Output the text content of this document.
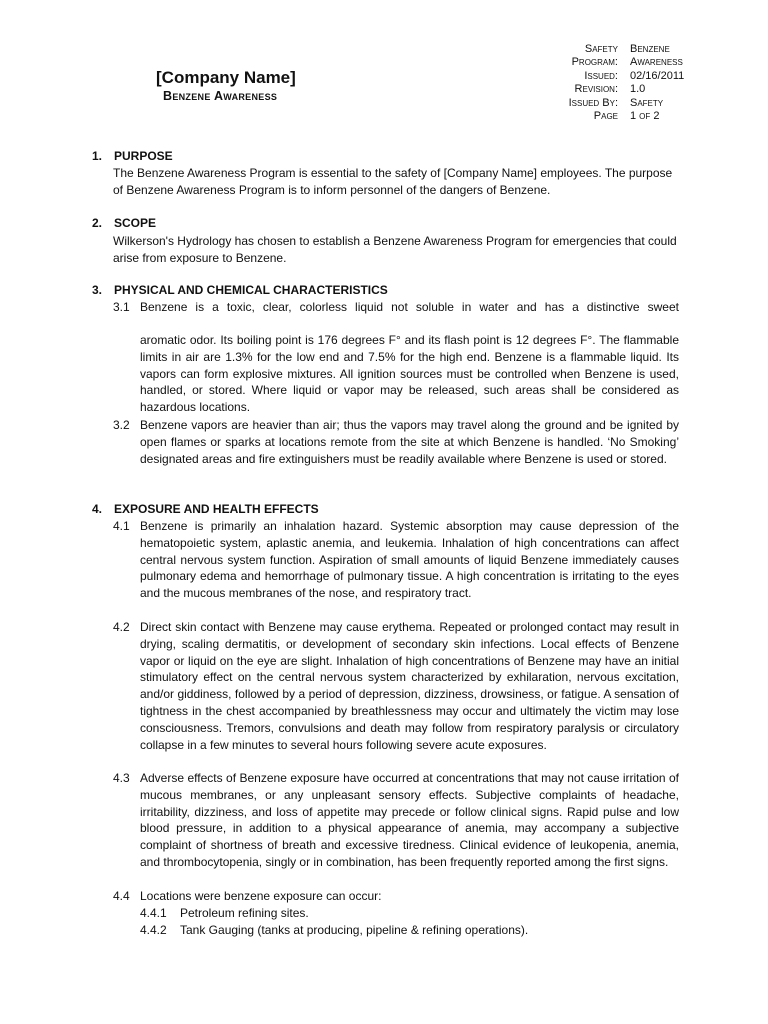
[Company Name]
Benzene Awareness
Safety	Benzene
Program:	Awareness
Issued:	02/16/2011
Revision:	1.0
Issued By:	Safety
Page	1 of 2
1. PURPOSE
The Benzene Awareness Program is essential to the safety of [Company Name] employees. The purpose of Benzene Awareness Program is to inform personnel of the dangers of Benzene.
2. SCOPE
Wilkerson's Hydrology has chosen to establish a Benzene Awareness Program for emergencies that could arise from exposure to Benzene.
3. PHYSICAL AND CHEMICAL CHARACTERISTICS
3.1 Benzene is a toxic, clear, colorless liquid not soluble in water and has a distinctive sweet
aromatic odor. Its boiling point is 176 degrees F° and its flash point is 12 degrees F°. The flammable limits in air are 1.3% for the low end and 7.5% for the high end. Benzene is a flammable liquid. Its vapors can form explosive mixtures. All ignition sources must be controlled when Benzene is used, handled, or stored. Where liquid or vapor may be released, such areas shall be considered as hazardous locations.
3.2 Benzene vapors are heavier than air; thus the vapors may travel along the ground and be ignited by open flames or sparks at locations remote from the site at which Benzene is handled. ‘No Smoking’ designated areas and fire extinguishers must be readily available where Benzene is used or stored.
4. EXPOSURE AND HEALTH EFFECTS
4.1 Benzene is primarily an inhalation hazard. Systemic absorption may cause depression of the hematopoietic system, aplastic anemia, and leukemia. Inhalation of high concentrations can affect central nervous system function. Aspiration of small amounts of liquid Benzene immediately causes pulmonary edema and hemorrhage of pulmonary tissue. A high concentration is irritating to the eyes and the mucous membranes of the nose, and respiratory tract.
4.2 Direct skin contact with Benzene may cause erythema. Repeated or prolonged contact may result in drying, scaling dermatitis, or development of secondary skin infections. Local effects of Benzene vapor or liquid on the eye are slight. Inhalation of high concentrations of Benzene may have an initial stimulatory effect on the central nervous system characterized by exhilaration, nervous excitation, and/or giddiness, followed by a period of depression, dizziness, drowsiness, or fatigue. A sensation of tightness in the chest accompanied by breathlessness may occur and ultimately the victim may lose consciousness. Tremors, convulsions and death may follow from respiratory paralysis or circulatory collapse in a few minutes to several hours following severe acute exposures.
4.3 Adverse effects of Benzene exposure have occurred at concentrations that may not cause irritation of mucous membranes, or any unpleasant sensory effects. Subjective complaints of headache, irritability, dizziness, and loss of appetite may precede or follow clinical signs. Rapid pulse and low blood pressure, in addition to a physical appearance of anemia, may accompany a subjective complaint of shortness of breath and excessive tiredness. Clinical evidence of leukopenia, anemia, and thrombocytopenia, singly or in combination, has been frequently reported among the first signs.
4.4 Locations were benzene exposure can occur:
4.4.1 Petroleum refining sites.
4.4.2 Tank Gauging (tanks at producing, pipeline & refining operations).
